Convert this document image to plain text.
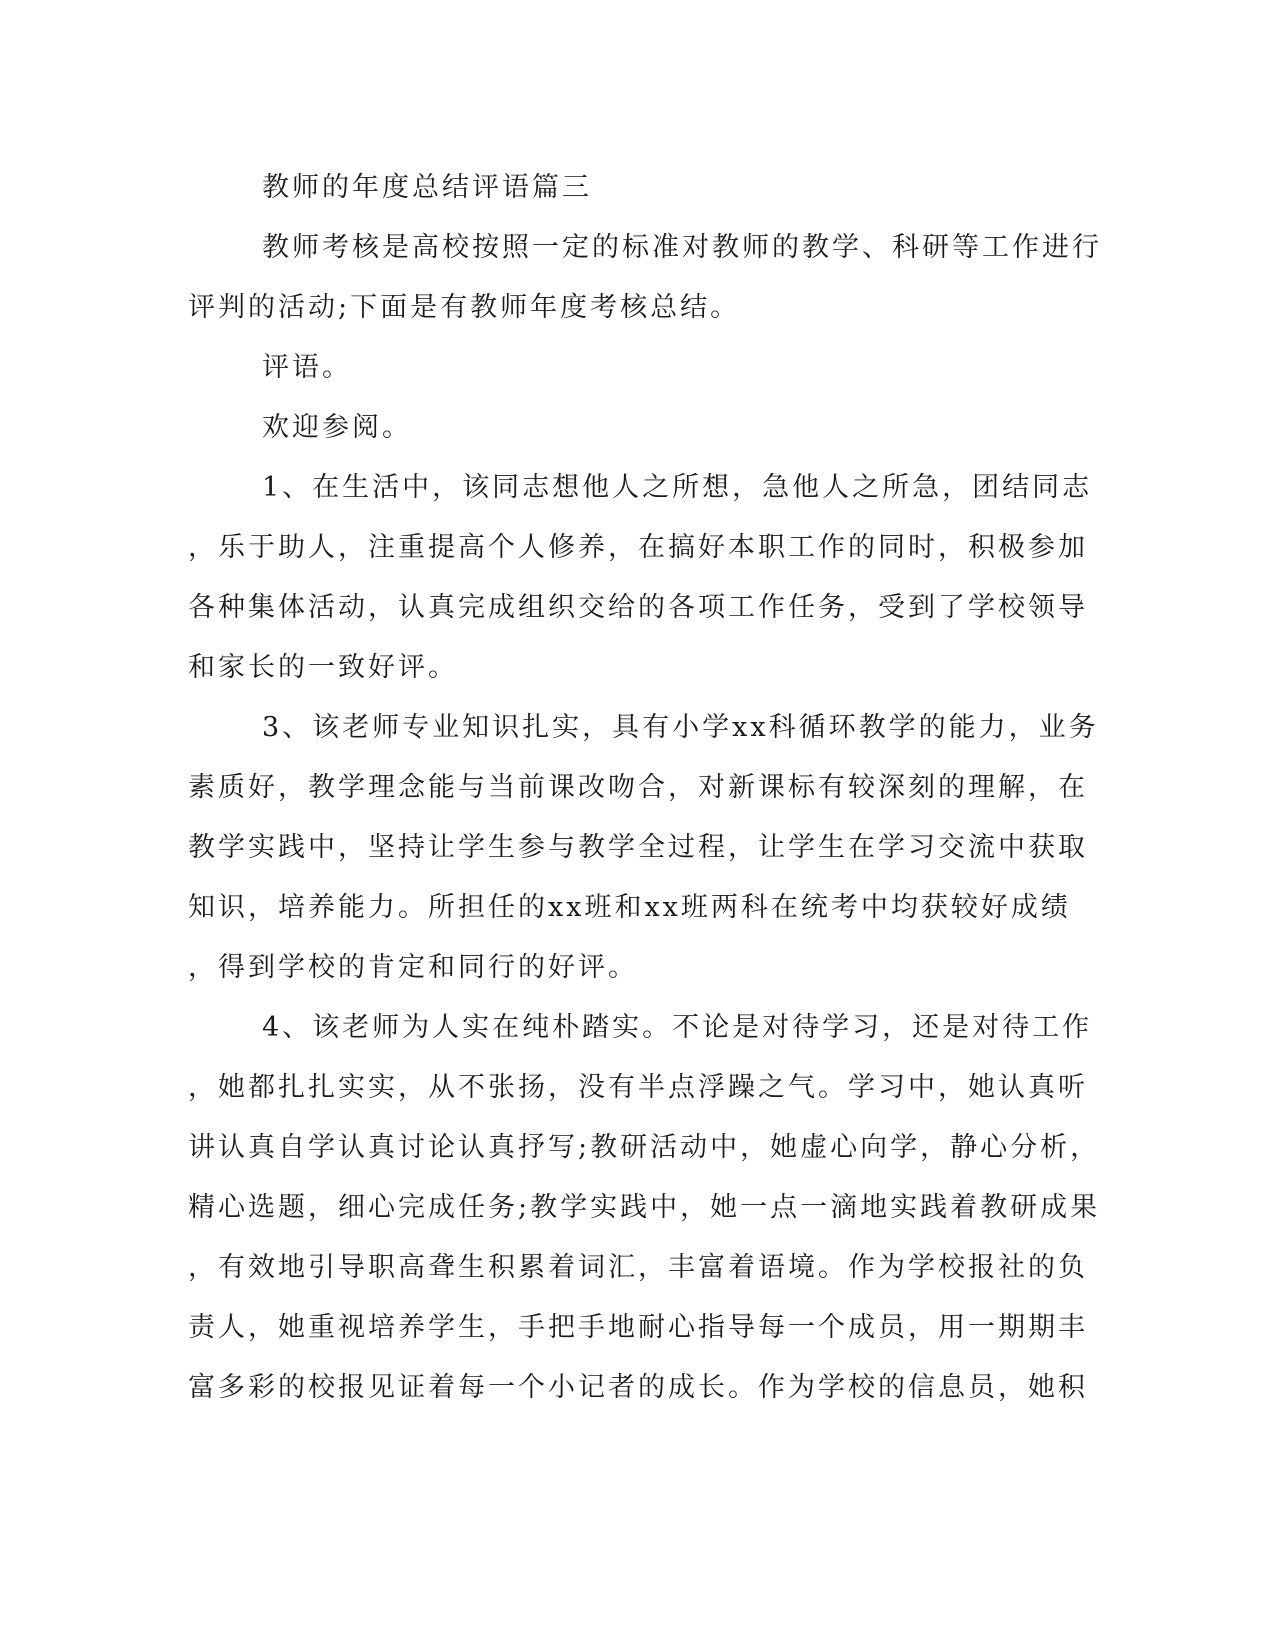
教师的年度总结评语篇三
教师考核是高校按照一定的标准对教师的教学、科研等工作进行
评判的活动;下面是有教师年度考核总结。
评语。
欢迎参阅。
1、在生活中，该同志想他人之所想，急他人之所急，团结同志
，乐于助人，注重提高个人修养，在搞好本职工作的同时，积极参加
各种集体活动，认真完成组织交给的各项工作任务，受到了学校领导
和家长的一致好评。
3、该老师专业知识扎实，具有小学xx科循环教学的能力，业务
素质好，教学理念能与当前课改吻合，对新课标有较深刻的理解，在
教学实践中，坚持让学生参与教学全过程，让学生在学习交流中获取
知识，培养能力。所担任的xx班和xx班两科在统考中均获较好成绩
，得到学校的肯定和同行的好评。
4、该老师为人实在纯朴踏实。不论是对待学习，还是对待工作
，她都扎扎实实，从不张扬，没有半点浮躁之气。学习中，她认真听
讲认真自学认真讨论认真抒写;教研活动中，她虚心向学，静心分析，
精心选题，细心完成任务;教学实践中，她一点一滴地实践着教研成果
，有效地引导职高聋生积累着词汇，丰富着语境。作为学校报社的负
责人，她重视培养学生，手把手地耐心指导每一个成员，用一期期丰
富多彩的校报见证着每一个小记者的成长。作为学校的信息员，她积
